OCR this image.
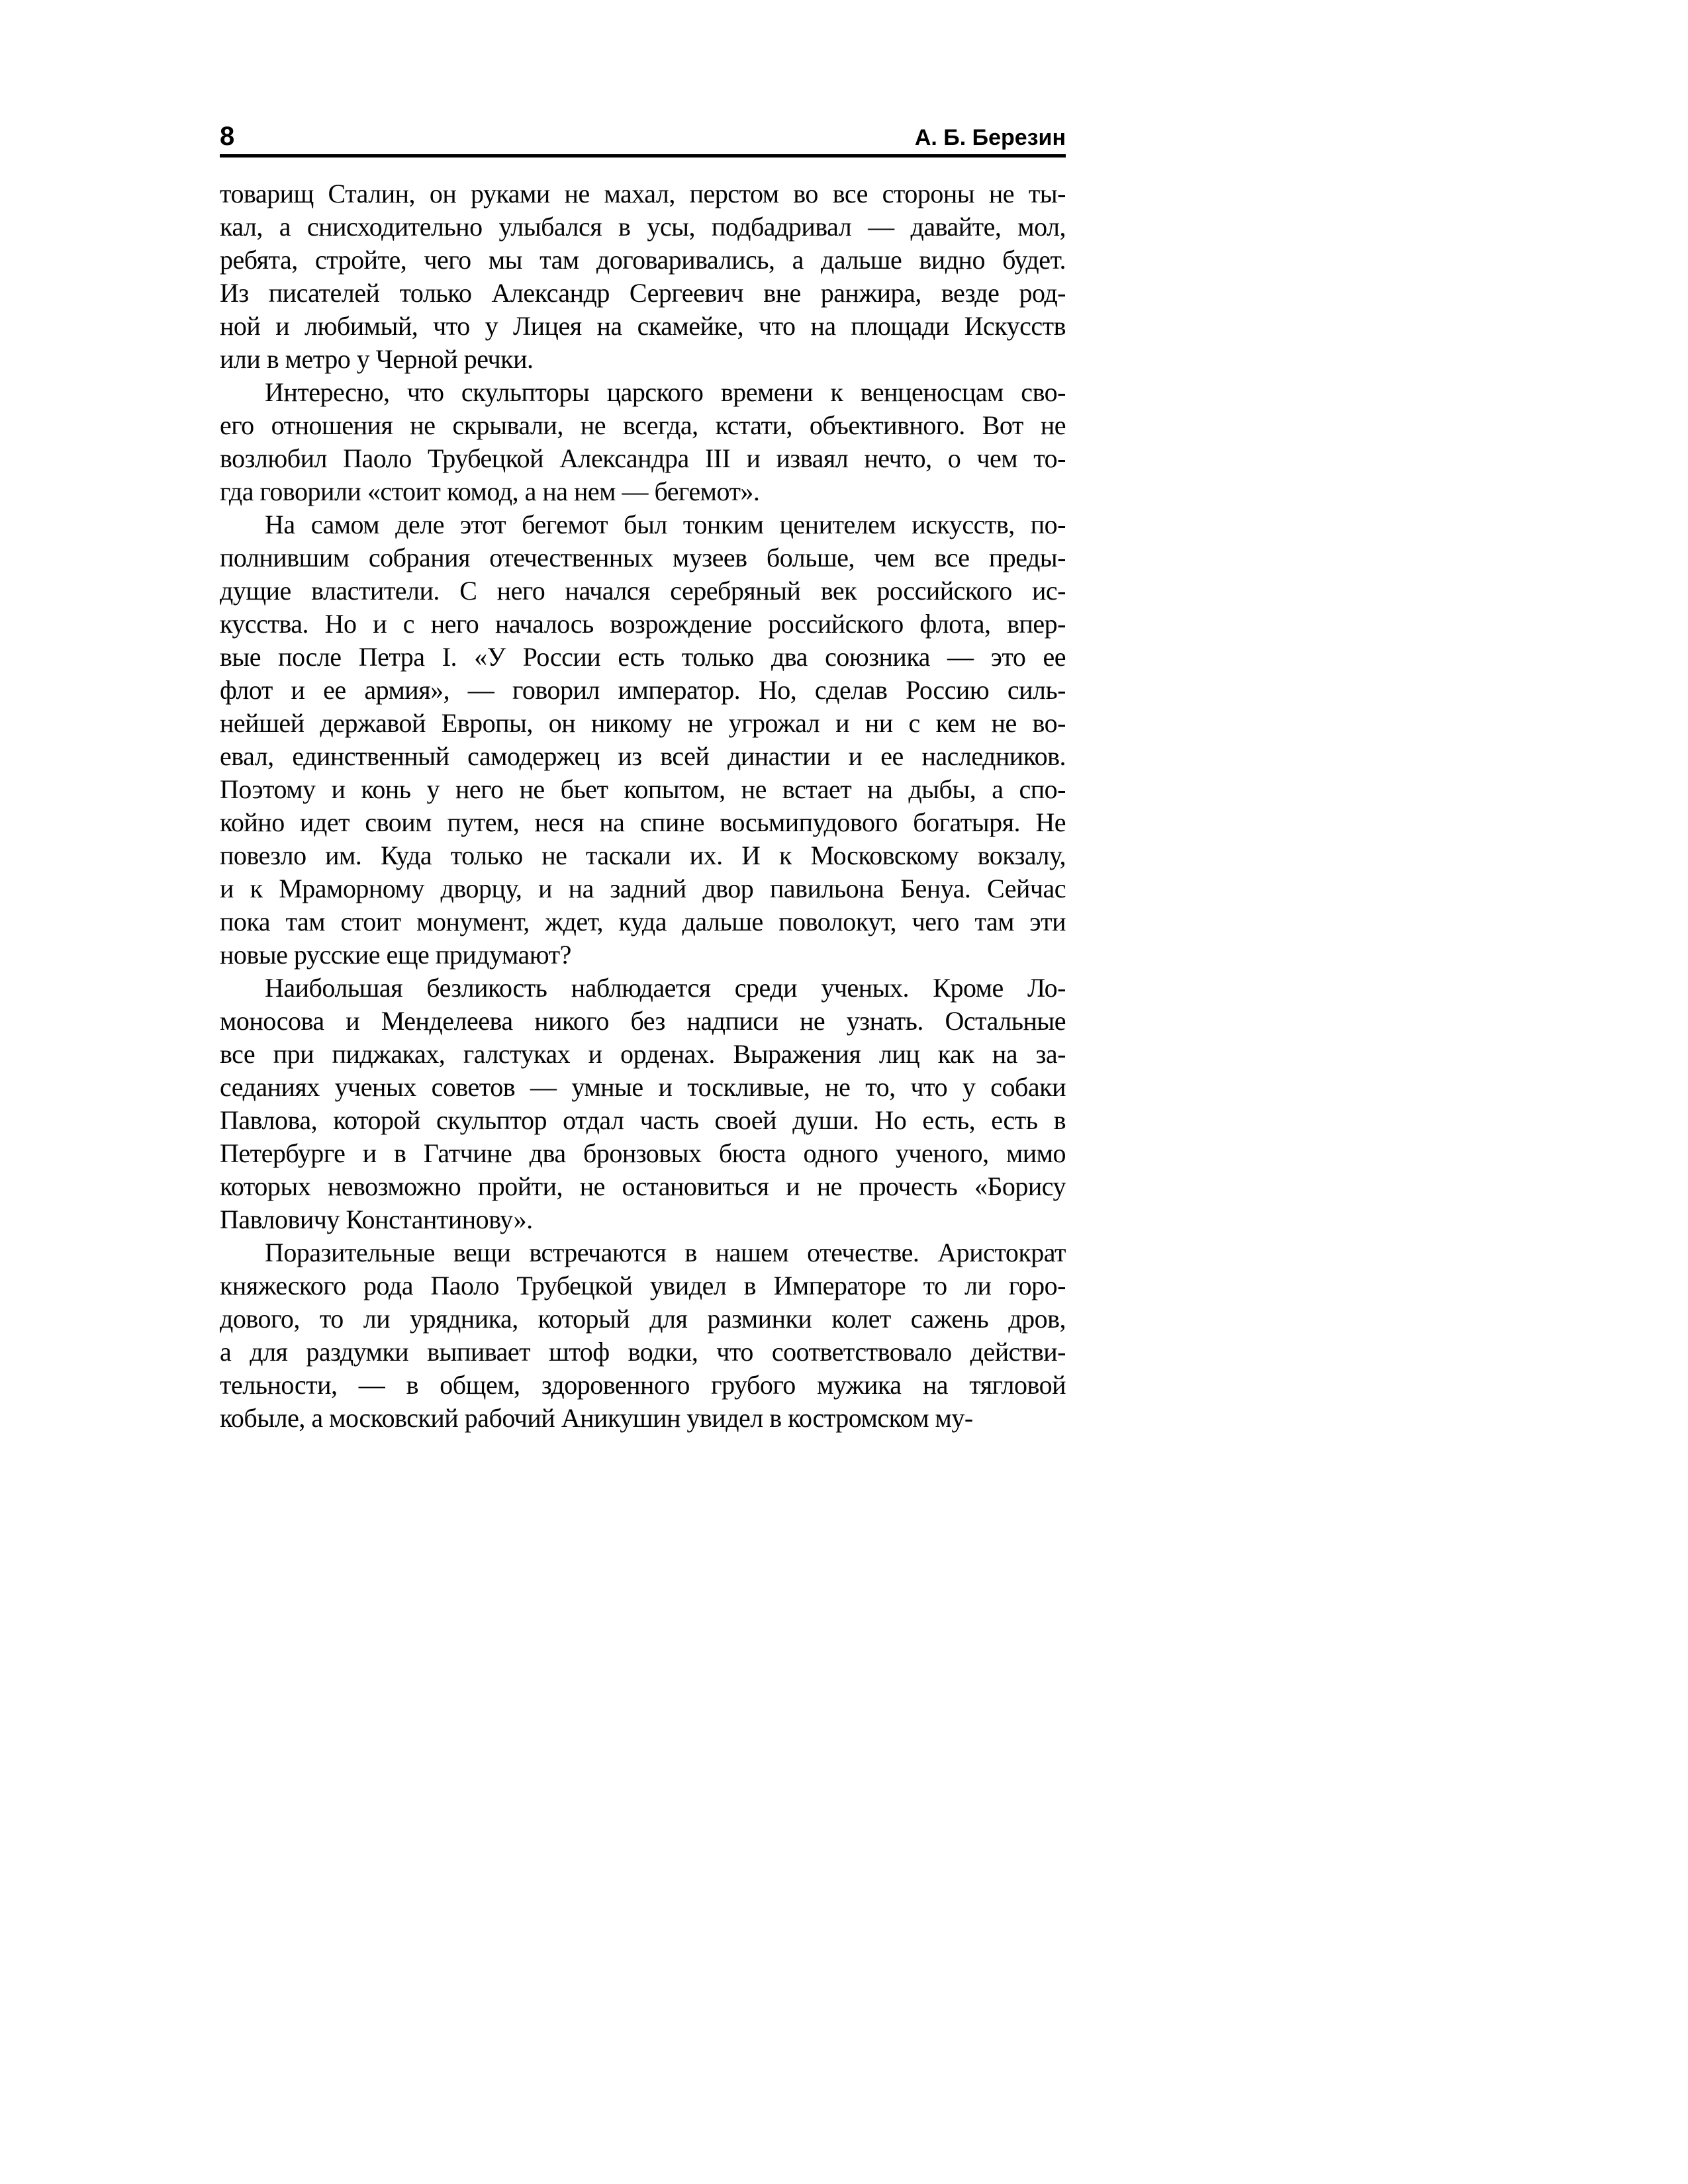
8	А. Б. Березин
товарищ Сталин, он руками не махал, перстом во все стороны не ты-
кал, а снисходительно улыбался в усы, подбадривал — давайте, мол,
ребята, стройте, чего мы там договаривались, а дальше видно будет.
Из писателей только Александр Сергеевич вне ранжира, везде род-
ной и любимый, что у Лицея на скамейке, что на площади Искусств
или в метро у Черной речки.
Интересно, что скульпторы царского времени к венценосцам сво-
его отношения не скрывали, не всегда, кстати, объективного. Вот не
возлюбил Паоло Трубецкой Александра III и изваял нечто, о чем то-
гда говорили «стоит комод, а на нем — бегемот».
На самом деле этот бегемот был тонким ценителем искусств, по-
полнившим собрания отечественных музеев больше, чем все преды-
дущие властители. С него начался серебряный век российского ис-
кусства. Но и с него началось возрождение российского флота, впер-
вые после Петра I. «У России есть только два союзника — это ее
флот и ее армия», — говорил император. Но, сделав Россию силь-
нейшей державой Европы, он никому не угрожал и ни с кем не во-
евал, единственный самодержец из всей династии и ее наследников.
Поэтому и конь у него не бьет копытом, не встает на дыбы, а спо-
койно идет своим путем, неся на спине восьмипудового богатыря. Не
повезло им. Куда только не таскали их. И к Московскому вокзалу,
и к Мраморному дворцу, и на задний двор павильона Бенуа. Сейчас
пока там стоит монумент, ждет, куда дальше поволокут, чего там эти
новые русские еще придумают?
Наибольшая безликость наблюдается среди ученых. Кроме Ло-
моносова и Менделеева никого без надписи не узнать. Остальные
все при пиджаках, галстуках и орденах. Выражения лиц как на за-
седаниях ученых советов — умные и тоскливые, не то, что у собаки
Павлова, которой скульптор отдал часть своей души. Но есть, есть в
Петербурге и в Гатчине два бронзовых бюста одного ученого, мимо
которых невозможно пройти, не остановиться и не прочесть «Борису
Павловичу Константинову».
Поразительные вещи встречаются в нашем отечестве. Аристократ
княжеского рода Паоло Трубецкой увидел в Императоре то ли горо-
дового, то ли урядника, который для разминки колет сажень дров,
а для раздумки выпивает штоф водки, что соответствовало действи-
тельности, — в общем, здоровенного грубого мужика на тягловой
кобыле, а московский рабочий Аникушин увидел в костромском му-
